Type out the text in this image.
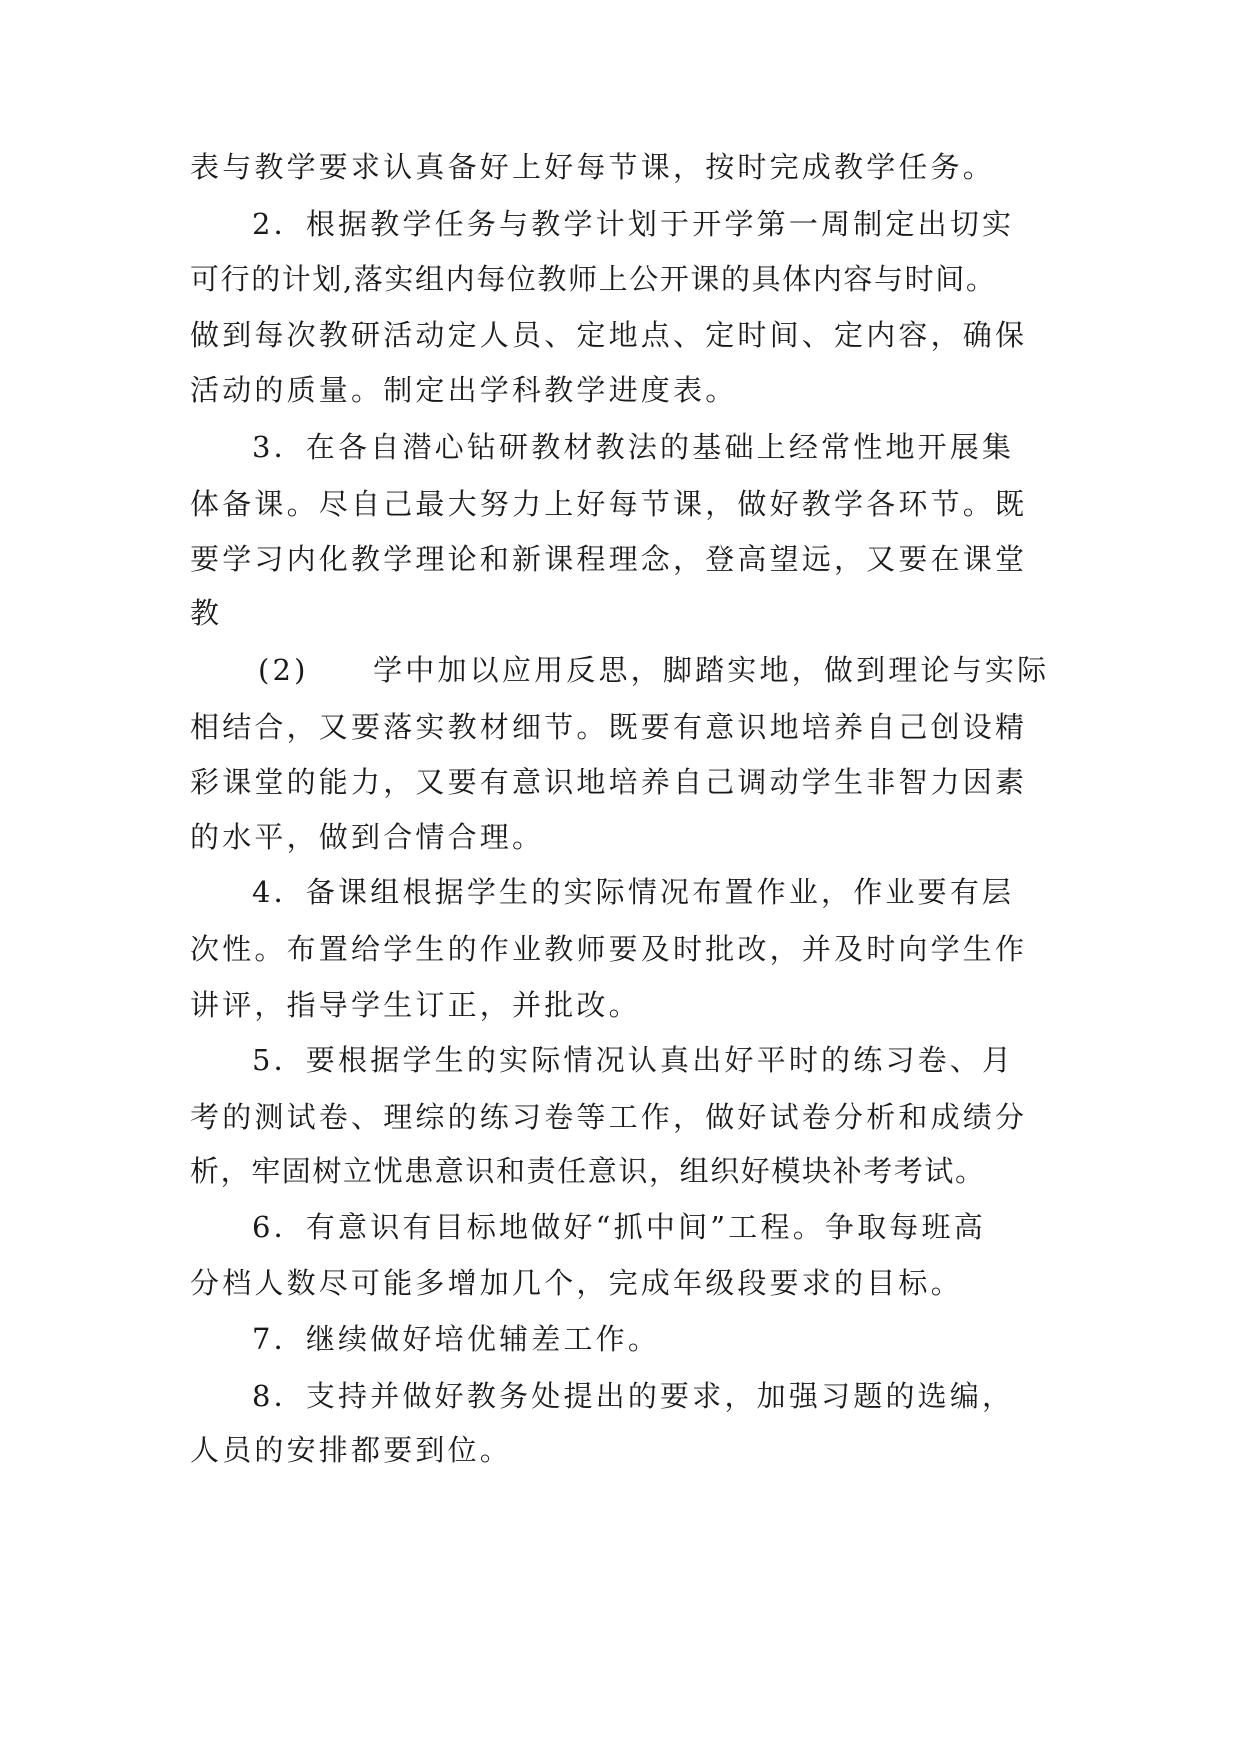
表与教学要求认真备好上好每节课，按时完成教学任务。
2．根据教学任务与教学计划于开学第一周制定出切实
可行的计划,落实组内每位教师上公开课的具体内容与时间。
做到每次教研活动定人员、定地点、定时间、定内容，确保
活动的质量。制定出学科教学进度表。
3．在各自潜心钻研教材教法的基础上经常性地开展集
体备课。尽自己最大努力上好每节课，做好教学各环节。既
要学习内化教学理论和新课程理念，登高望远，又要在课堂
教
(2)　　学中加以应用反思，脚踏实地，做到理论与实际
相结合，又要落实教材细节。既要有意识地培养自己创设精
彩课堂的能力，又要有意识地培养自己调动学生非智力因素
的水平，做到合情合理。
4．备课组根据学生的实际情况布置作业，作业要有层
次性。布置给学生的作业教师要及时批改，并及时向学生作
讲评，指导学生订正，并批改。
5．要根据学生的实际情况认真出好平时的练习卷、月
考的测试卷、理综的练习卷等工作，做好试卷分析和成绩分
析，牢固树立忧患意识和责任意识，组织好模块补考考试。
6．有意识有目标地做好“抓中间”工程。争取每班高
分档人数尽可能多增加几个，完成年级段要求的目标。
7．继续做好培优辅差工作。
8．支持并做好教务处提出的要求，加强习题的选编，
人员的安排都要到位。
